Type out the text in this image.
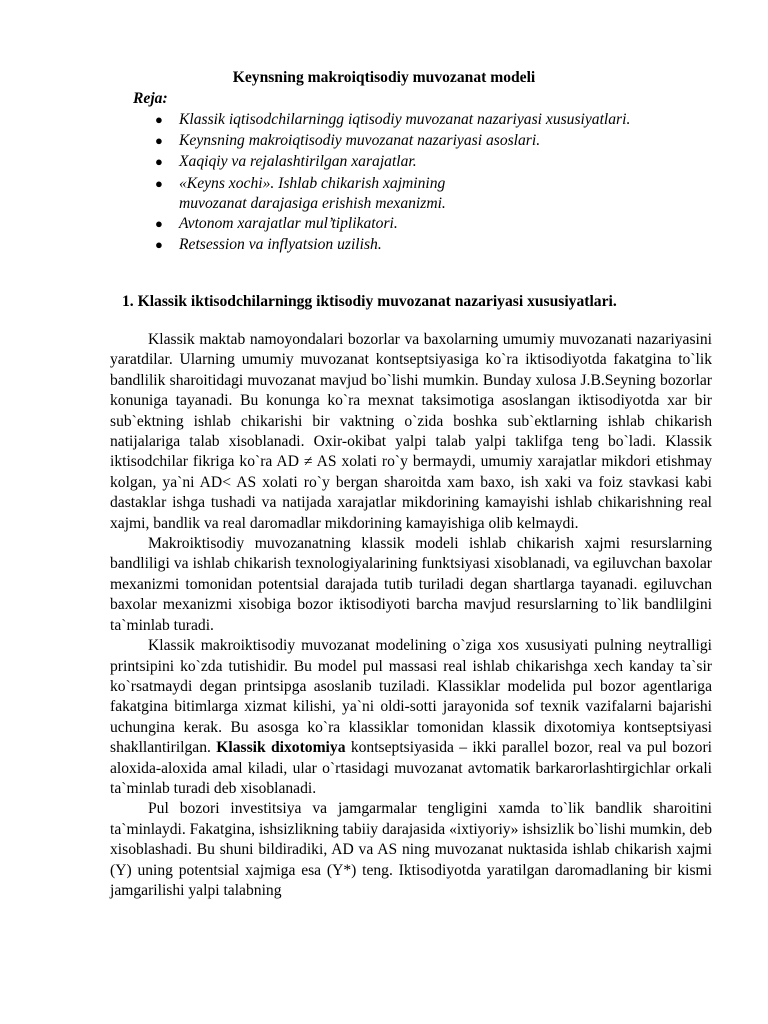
Keynsning makroiqtisodiy muvozanat modeli
Reja:
● Klassik iqtisodchilarningg iqtisodiy muvozanat nazariyasi xususiyatlari.
● Keynsning makroiqtisodiy muvozanat nazariyasi asoslari.
● Xaqiqiy va rejalashtirilgan xarajatlar.
● «Keyns xochi». Ishlab chikarish xajmining muvozanat darajasiga erishish mexanizmi.
● Avtonom xarajatlar mul’tiplikatori.
● Retsession va inflyatsion uzilish.
1. Klassik iktisodchilarningg iktisodiy muvozanat nazariyasi xususiyatlari.

Klassik maktab namoyondalari bozorlar va baxolarning umumiy muvozanati nazariyasini yaratdilar. Ularning umumiy muvozanat kontseptsiyasiga ko`ra iktisodiyotda fakatgina to`lik bandlilik sharoitidagi muvozanat mavjud bo`lishi mumkin. Bunday xulosa J.B.Seyning bozorlar konuniga tayanadi. Bu konunga ko`ra mexnat taksimotiga asoslangan iktisodiyotda xar bir sub`ektning ishlab chikarishi bir vaktning o`zida boshka sub`ektlarning ishlab chikarish natijalariga talab xisoblanadi. Oxir-okibat yalpi talab yalpi taklifga teng bo`ladi. Klassik iktisodchilar fikriga ko`ra AD ≠ AS xolati ro`y bermaydi, umumiy xarajatlar mikdori etishmay kolgan, ya`ni AD< AS xolati ro`y bergan sharoitda xam baxo, ish xaki va foiz stavkasi kabi dastaklar ishga tushadi va natijada xarajatlar mikdorining kamayishi ishlab chikarishning real xajmi, bandlik va real daromadlar mikdorining kamayishiga olib kelmaydi.

Makroiktisodiy muvozanatning klassik modeli ishlab chikarish xajmi resurslarning bandliligi va ishlab chikarish texnologiyalarining funktsiyasi xisoblanadi, va egiluvchan baxolar mexanizmi tomonidan potentsial darajada tutib turiladi degan shartlarga tayanadi. egiluvchan baxolar mexanizmi xisobiga bozor iktisodiyoti barcha mavjud resurslarning to`lik bandlilgini ta`minlab turadi.

Klassik makroiktisodiy muvozanat modelining o`ziga xos xususiyati pulning neytralligi printsipini ko`zda tutishidir. Bu model pul massasi real ishlab chikarishga xech kanday ta`sir ko`rsatmaydi degan printsipga asoslanib tuziladi. Klassiklar modelida pul bozor agentlariga fakatgina bitimlarga xizmat kilishi, ya`ni oldi-sotti jarayonida sof texnik vazifalarni bajarishi uchungina kerak. Bu asosga ko`ra klassiklar tomonidan klassik dixotomiya kontseptsiyasi shakllantirilgan. Klassik dixotomiya kontseptsiyasida – ikki parallel bozor, real va pul bozori aloxida-aloxida amal kiladi, ular o`rtasidagi muvozanat avtomatik barkarorlashtirgichlar orkali ta`minlab turadi deb xisoblanadi.

Pul bozori investitsiya va jamgarmalar tengligini xamda to`lik bandlik sharoitini ta`minlaydi. Fakatgina, ishsizlikning tabiiy darajasida «ixtiyoriy» ishsizlik bo`lishi mumkin, deb xisoblashadi. Bu shuni bildiradiki, AD va AS ning muvozanat nuktasida ishlab chikarish xajmi (Y) uning potentsial xajmiga esa (Y*) teng. Iktisodiyotda yaratilgan daromadlaning bir kismi jamgarilishi yalpi talabning
